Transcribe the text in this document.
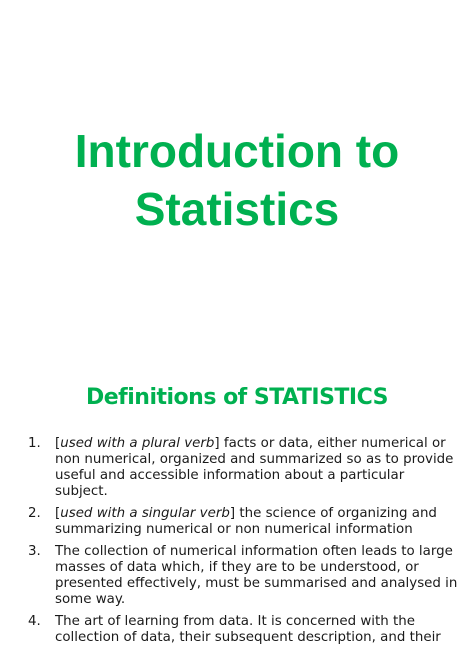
Introduction to
Statistics
Definitions of STATISTICS
1. [used with a plural verb] facts or data, either numerical or non numerical, organized and summarized so as to provide useful and accessible information about a particular subject.
2. [used with a singular verb] the science of organizing and summarizing numerical or non numerical information
3. The collection of numerical information often leads to large masses of data which, if they are to be understood, or presented effectively, must be summarised and analysed in some way.
4. The art of learning from data. It is concerned with the collection of data, their subsequent description, and their
